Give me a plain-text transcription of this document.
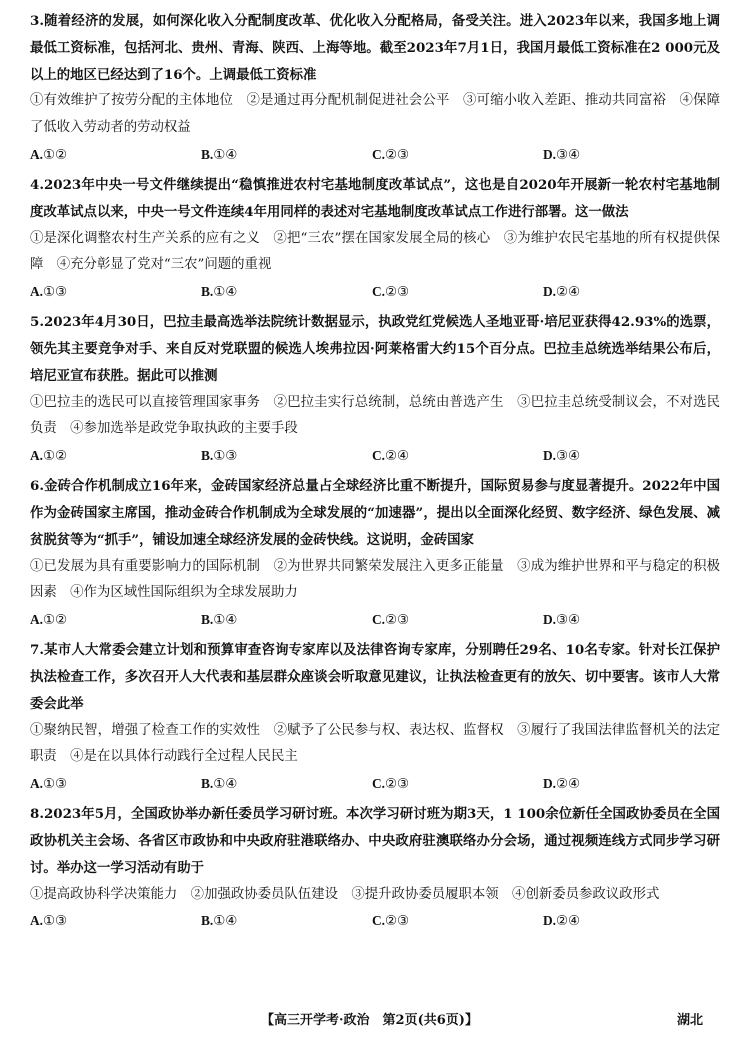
3.随着经济的发展，如何深化收入分配制度改革、优化收入分配格局，备受关注。进入2023年以来，我国多地上调最低工资标准，包括河北、贵州、青海、陕西、上海等地。截至2023年7月1日，我国月最低工资标准在2 000元及以上的地区已经达到了16个。上调最低工资标准

①有效维护了按劳分配的主体地位　②是通过再分配机制促进社会公平　③可缩小收入差距、推动共同富裕　④保障了低收入劳动者的劳动权益

A.①②	B.①④	C.②③	D.③④

4.2023年中央一号文件继续提出“稳慎推进农村宅基地制度改革试点”，这也是自2020年开展新一轮农村宅基地制度改革试点以来，中央一号文件连续4年用同样的表述对宅基地制度改革试点工作进行部署。这一做法

①是深化调整农村生产关系的应有之义　②把“三农”摆在国家发展全局的核心　③为维护农民宅基地的所有权提供保障　④充分彰显了党对“三农”问题的重视

A.①③	B.①④	C.②③	D.②④

5.2023年4月30日，巴拉圭最高选举法院统计数据显示，执政党红党候选人圣地亚哥·培尼亚获得42.93%的选票，领先其主要竞争对手、来自反对党联盟的候选人埃弗拉因·阿莱格雷大约15个百分点。巴拉圭总统选举结果公布后，培尼亚宣布获胜。据此可以推测

①巴拉圭的选民可以直接管理国家事务　②巴拉圭实行总统制，总统由普选产生　③巴拉圭总统受制议会，不对选民负责　④参加选举是政党争取执政的主要手段

A.①②	B.①③	C.②④	D.③④

6.金砖合作机制成立16年来，金砖国家经济总量占全球经济比重不断提升，国际贸易参与度显著提升。2022年中国作为金砖国家主席国，推动金砖合作机制成为全球发展的“加速器”，提出以全面深化经贸、数字经济、绿色发展、减贫脱贫等为“抓手”，铺设加速全球经济发展的金砖快线。这说明，金砖国家

①已发展为具有重要影响力的国际机制　②为世界共同繁荣发展注入更多正能量　③成为维护世界和平与稳定的积极因素　④作为区域性国际组织为全球发展助力

A.①②	B.①④	C.②③	D.③④

7.某市人大常委会建立计划和预算审查咨询专家库以及法律咨询专家库，分别聘任29名、10名专家。针对长江保护执法检查工作，多次召开人大代表和基层群众座谈会听取意见建议，让执法检查更有的放矢、切中要害。该市人大常委会此举

①聚纳民智，增强了检查工作的实效性　②赋予了公民参与权、表达权、监督权　③履行了我国法律监督机关的法定职责　④是在以具体行动践行全过程人民民主

A.①③	B.①④	C.②③	D.②④

8.2023年5月，全国政协举办新任委员学习研讨班。本次学习研讨班为期3天，1 100余位新任全国政协委员在全国政协机关主会场、各省区市政协和中央政府驻港联络办、中央政府驻澳联络办分会场，通过视频连线方式同步学习研讨。举办这一学习活动有助于

①提高政协科学决策能力　②加强政协委员队伍建设　③提升政协委员履职本领　④创新委员参政议政形式

A.①③	B.①④	C.②③	D.②④
【高三开学考·政治　第2页(共6页)】	湖北
